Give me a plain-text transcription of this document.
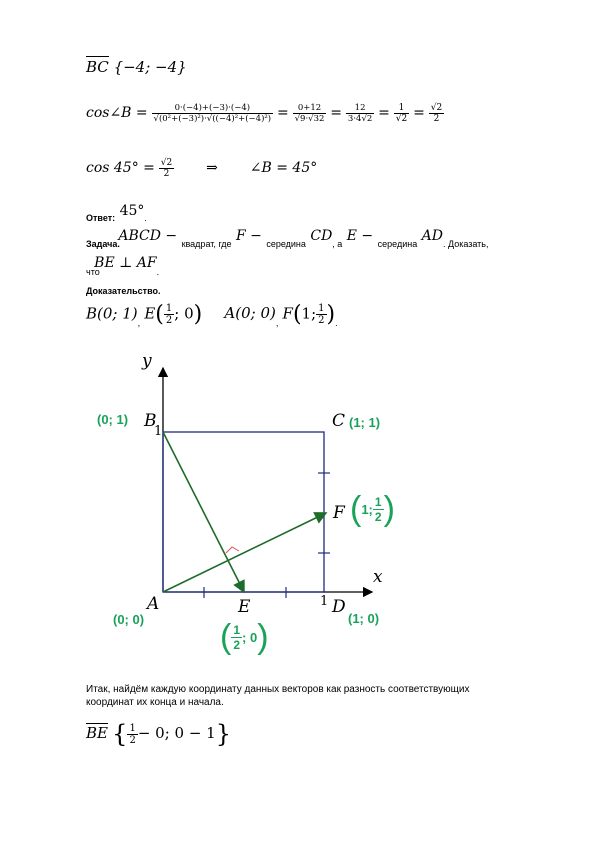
BC {−4; −4}
cos∠B = $\frac{0\cdot(-4)+(-3)\cdot(-4)}{\text{√(0²+(−3)²)·√((−4)²+(−4)²)}} = \frac{0+12}{√9\cdot√32} = \frac{12}{3\cdot 4√2} = \frac{1}{√2} = \frac{√2}{2}$
$\cos 45^\circ = \frac{√2}{2}$ ⇒ ∠B = 45°
Ответ: 45°.
Задача. ABCD − квадрат, где F − середина CD, а E − середина AD. Доказать,
что BE ⊥ AF.
Доказательство.
B(0; $1)_,$ $E( \frac{1}{2}$ ; 0) A(0; $0)_,$ F(1; $\frac{1}{2} )_.$
y
x
B
1
C
A	E	1 D
F
(0; 1)	(1; 1)
(0; 0)	(1; 0)
(1; $\frac{1}{2}$ )
( $\frac{1}{2}$ ; 0)
Итак, найдём каждую координату данных векторов как разность соответствующих
координат их конца и начала.
BE { $\frac{1}{2} - 0$; 0 − 1}
